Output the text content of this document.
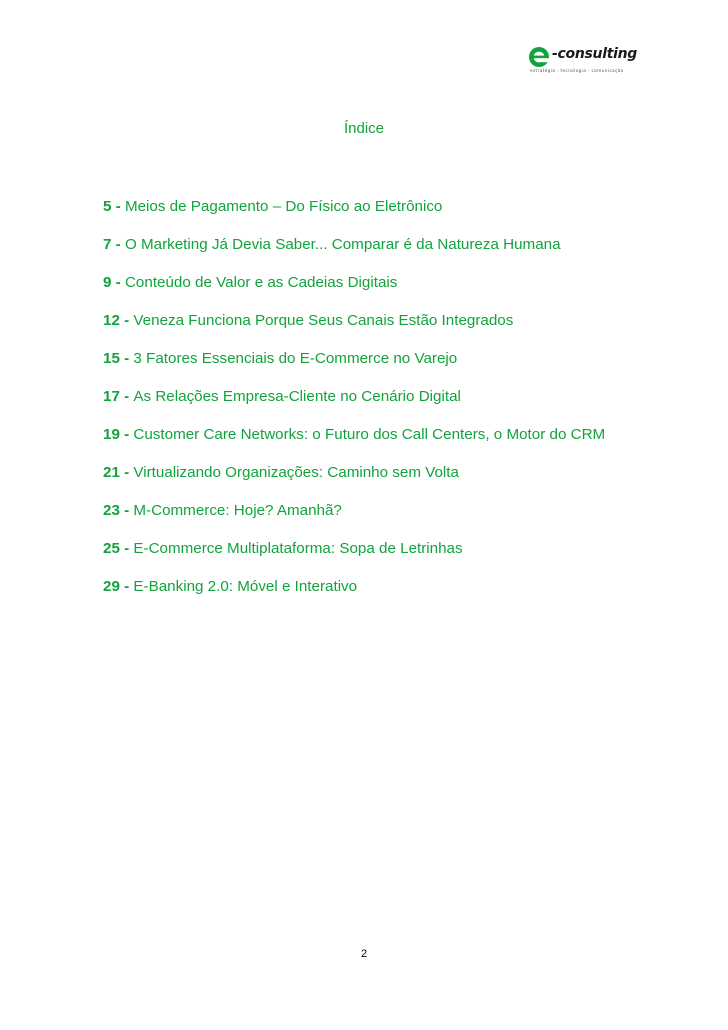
-consulting
estratégia · tecnologia · comunicação
Índice
5 - Meios de Pagamento – Do Físico ao Eletrônico
7 - O Marketing Já Devia Saber... Comparar é da Natureza Humana
9 - Conteúdo de Valor e as Cadeias Digitais
12 - Veneza Funciona Porque Seus Canais Estão Integrados
15 - 3 Fatores Essenciais do E-Commerce no Varejo
17 - As Relações Empresa-Cliente no Cenário Digital
19 - Customer Care Networks: o Futuro dos Call Centers, o Motor do CRM
21 - Virtualizando Organizações: Caminho sem Volta
23 - M-Commerce: Hoje? Amanhã?
25 - E-Commerce Multiplataforma: Sopa de Letrinhas
29 - E-Banking 2.0: Móvel e Interativo
2
